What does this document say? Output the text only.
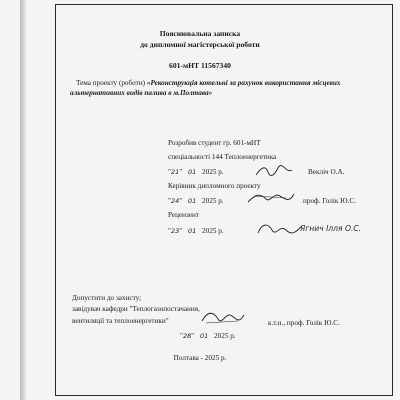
Пояснювальна записка
до дипломної магістерської роботи
601-мНТ 11567340
Тема проекту (роботи) «Реконструкція котельні за рахунок використання місцевих альтернативних видів палива в м.Полтава»
Розробив студент гр. 601-мНТ
спеціальності 144 Теплоенергетика
"21" 01 2025 р.	Векліч О.А.
Керівник дипломного проекту
"24" 01 2025 р.	проф. Голік Ю.С.
Рецензент
"23" 01 2025 р.	Ягнич Ілля О.С.
Допустити до захисту;
завідувач кафедри "Теплогазопостачання,
вентиляції та теплоенергетики"	к.т.н., проф. Голік Ю.С.
"28" 01 2025 р.
Полтава - 2025 р.
